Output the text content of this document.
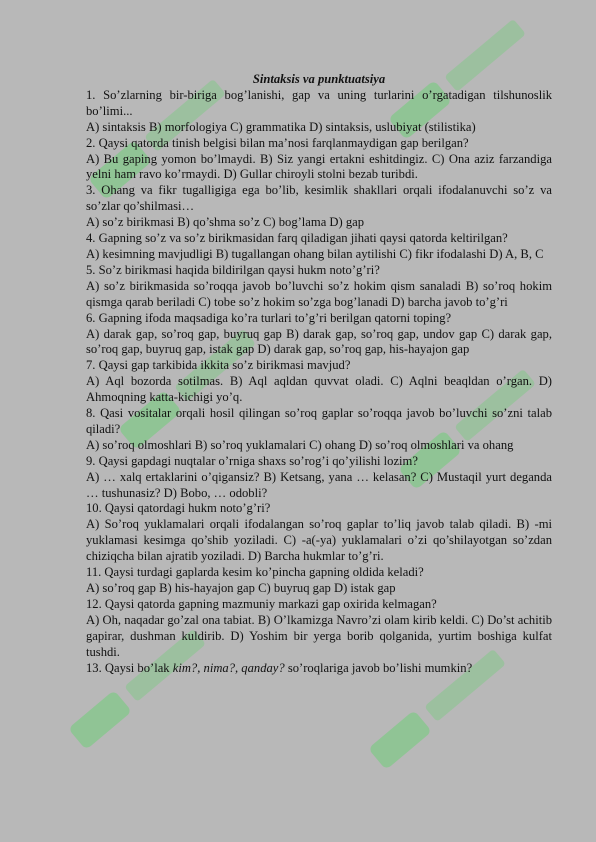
Sintaksis va punktuatsiya

1. So’zlarning bir-biriga bog’lanishi, gap va uning turlarini o’rgatadigan tilshunoslik bo’limi...

A) sintaksis B) morfologiya C) grammatika D) sintaksis, uslubiyat (stilistika)

2. Qaysi qatorda tinish belgisi bilan ma’nosi farqlanmaydigan gap berilgan?

A) Bu gaping yomon bo’lmaydi. B) Siz yangi ertakni eshitdingiz. C) Ona aziz farzandiga yelni ham ravo ko’rmaydi. D) Gullar chiroyli stolni bezab turibdi.

3. Ohang va fikr tugalligiga ega bo’lib, kesimlik shakllari orqali ifodalanuvchi so’z va so’zlar qo’shilmasi…

A) so’z birikmasi B) qo’shma so’z C) bog’lama D) gap

4. Gapning so’z va so’z birikmasidan farq qiladigan jihati qaysi qatorda keltirilgan?

A) kesimning mavjudligi B) tugallangan ohang bilan aytilishi C) fikr ifodalashi D) A, B, C

5. So’z birikmasi haqida bildirilgan qaysi hukm noto’g’ri?

A) so’z birikmasida so’roqqa javob bo’luvchi so’z hokim qism sanaladi B) so’roq hokim qismga qarab beriladi C) tobe so’z hokim so’zga bog’lanadi D) barcha javob to’g’ri

6. Gapning ifoda maqsadiga ko’ra turlari to’g’ri berilgan qatorni toping?

A) darak gap, so’roq gap, buyruq gap B) darak gap, so’roq gap, undov gap C) darak gap, so’roq gap, buyruq gap, istak gap D) darak gap, so’roq gap, his-hayajon gap

7. Qaysi gap tarkibida ikkita so’z birikmasi mavjud?

A) Aql bozorda sotilmas. B) Aql aqldan quvvat oladi. C) Aqlni beaqldan o’rgan. D) Ahmoqning katta-kichigi yo’q.

8. Qasi vositalar orqali hosil qilingan so’roq gaplar so’roqqa javob bo’luvchi so’zni talab qiladi?

A) so’roq olmoshlari B) so’roq yuklamalari C) ohang D) so’roq olmoshlari va ohang

9. Qaysi gapdagi nuqtalar o’rniga shaxs so’rog’i qo’yilishi lozim?

A) … xalq ertaklarini o’qigansiz? B) Ketsang, yana … kelasan? C) Mustaqil yurt deganda … tushunasiz? D) Bobo, … odobli?

10. Qaysi qatordagi hukm noto’g’ri?

A) So’roq yuklamalari orqali ifodalangan so’roq gaplar to’liq javob talab qiladi. B) -mi yuklamasi kesimga qo’shib yoziladi. C) -a(-ya) yuklamalari o’zi qo’shilayotgan so’zdan chiziqcha bilan ajratib yoziladi. D) Barcha hukmlar to’g’ri.

11. Qaysi turdagi gaplarda kesim ko’pincha gapning oldida keladi?

A) so’roq gap B) his-hayajon gap C) buyruq gap D) istak gap

12. Qaysi qatorda gapning mazmuniy markazi gap oxirida kelmagan?

A) Oh, naqadar go’zal ona tabiat. B) O’lkamizga Navro’zi olam kirib keldi. C) Do’st achitib gapirar, dushman kuldirib. D) Yoshim bir yerga borib qolganida, yurtim boshiga kulfat tushdi.

13. Qaysi bo’lak kim?, nima?, qanday? so’roqlariga javob bo’lishi mumkin?
